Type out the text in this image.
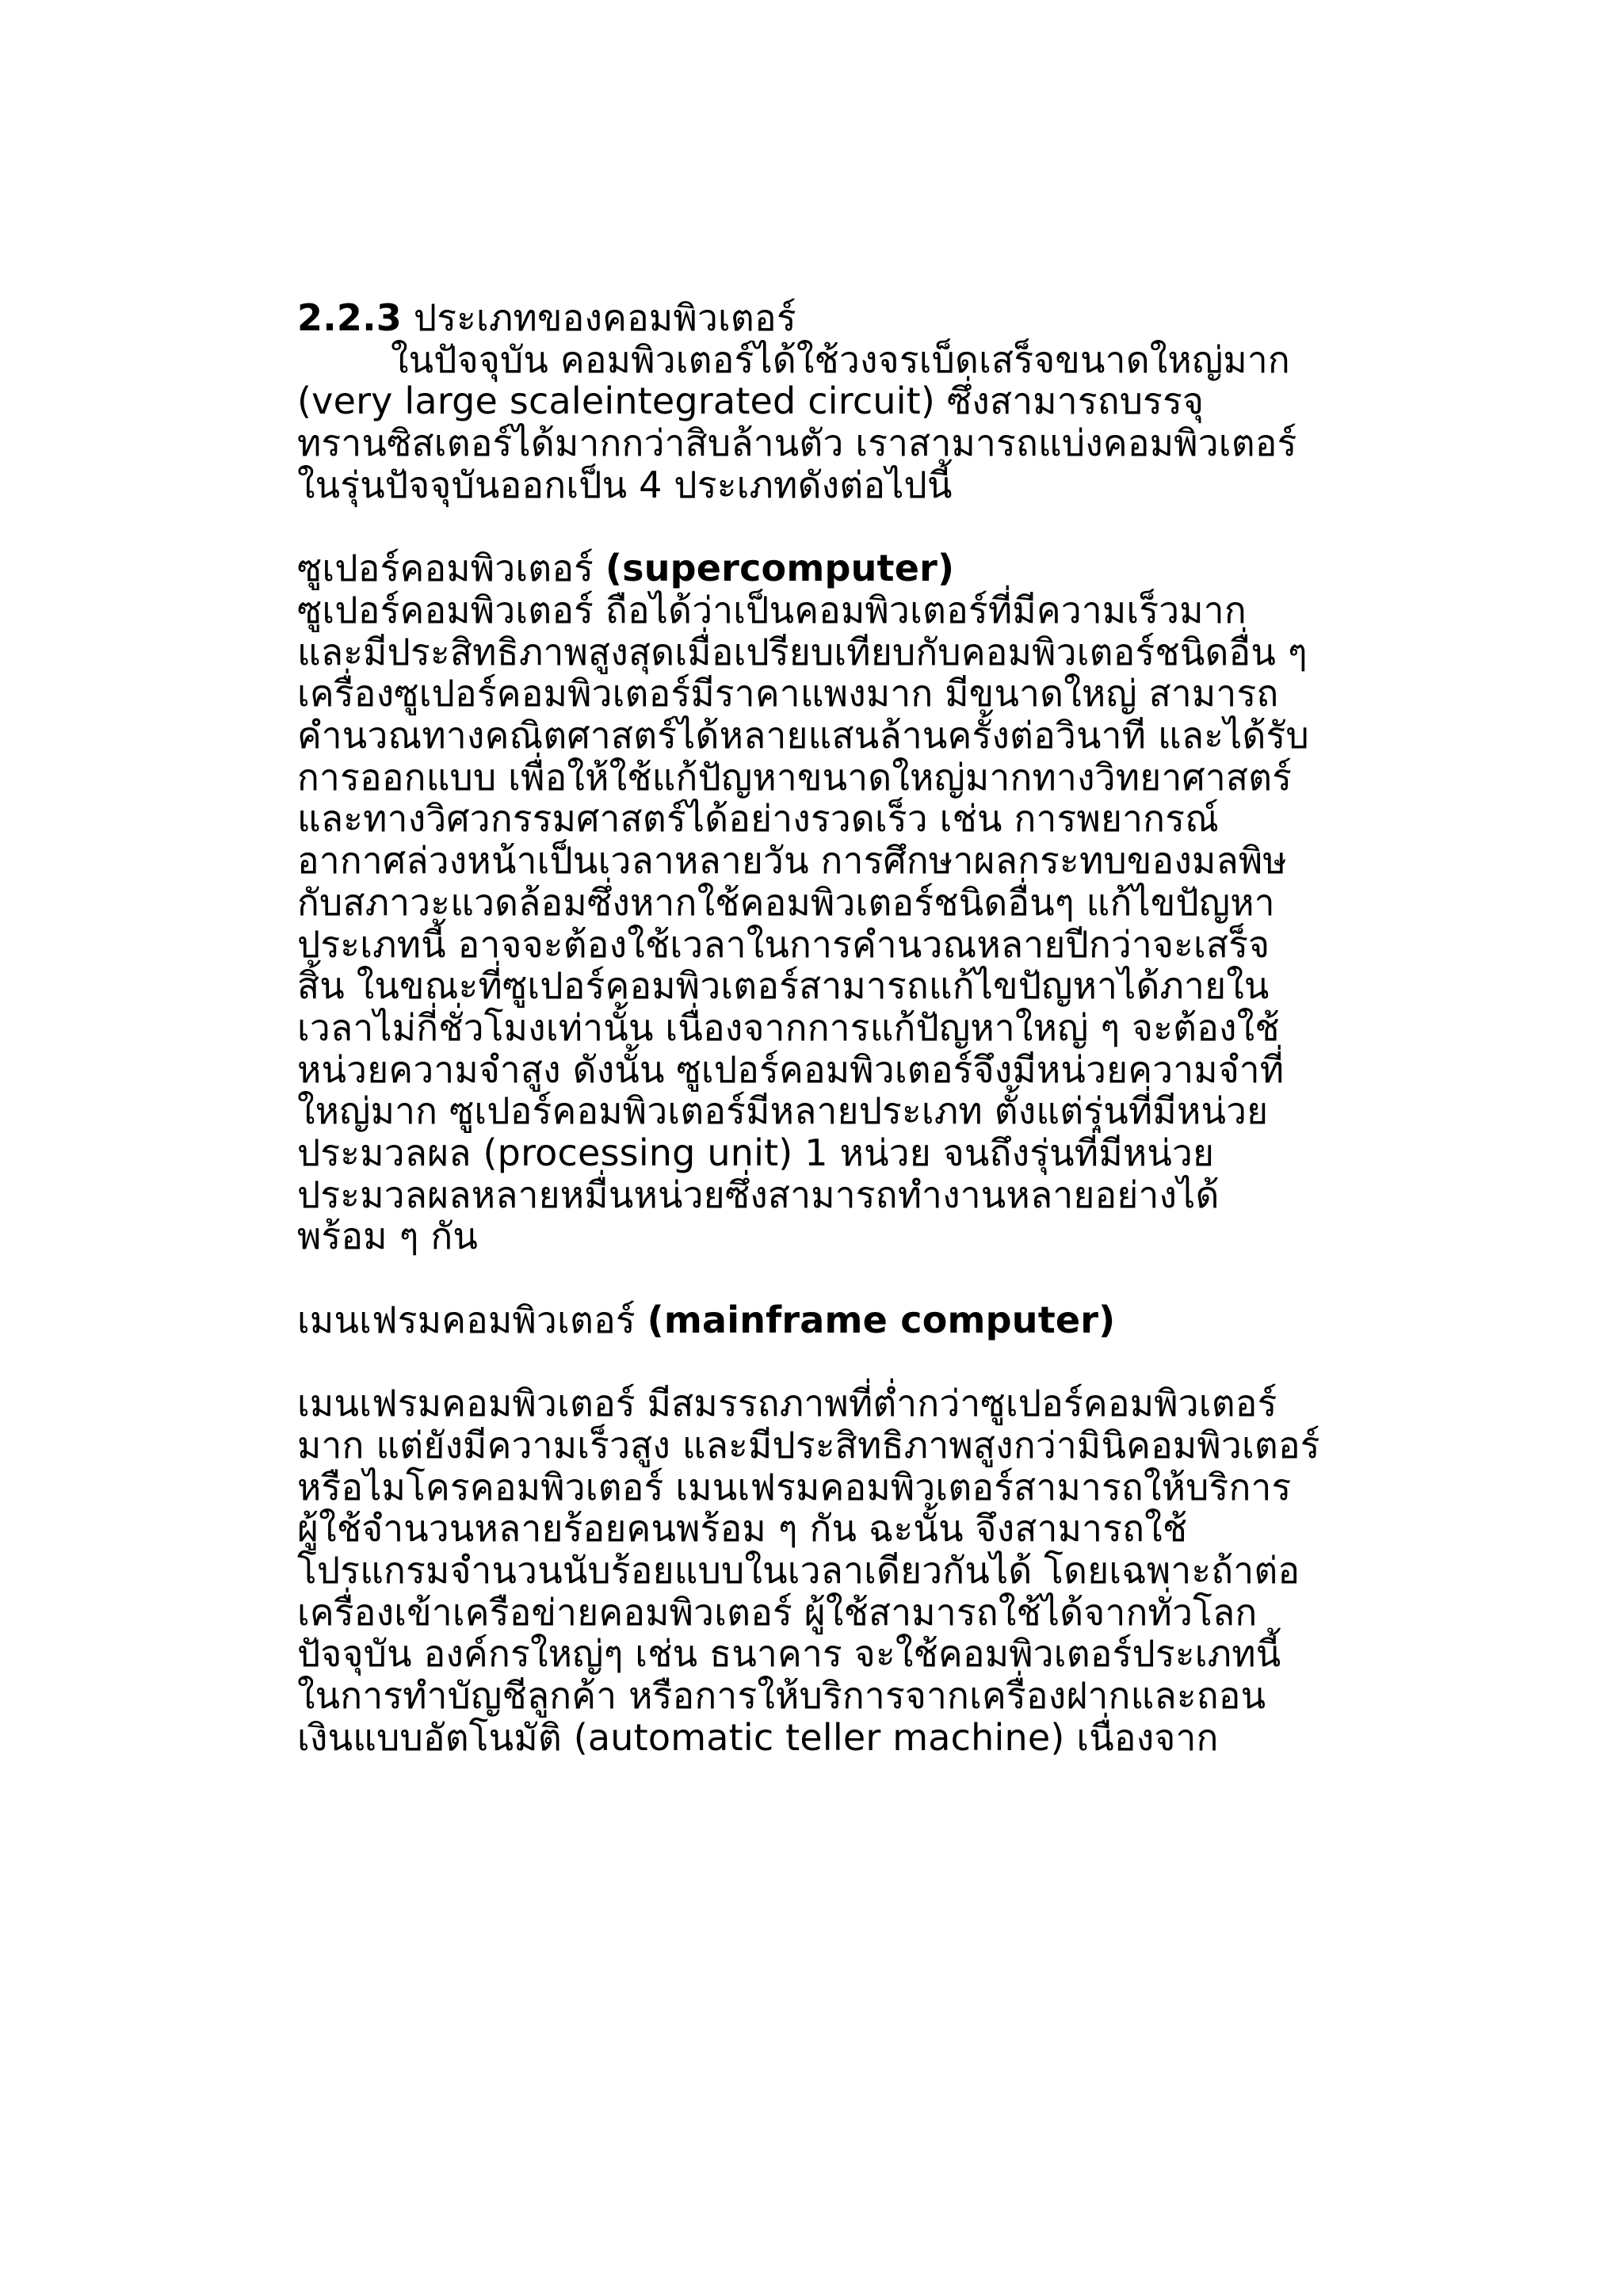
2.2.3 ประเภทของคอมพิวเตอร์
ในปัจจุบัน คอมพิวเตอร์ได้ใช้วงจรเบ็ดเสร็จขนาดใหญ่มาก
(very large scaleintegrated circuit) ซึ่งสามารถบรรจุ
ทรานซิสเตอร์ได้มากกว่าสิบล้านตัว เราสามารถแบ่งคอมพิวเตอร์
ในรุ่นปัจจุบันออกเป็น 4 ประเภทดังต่อไปนี้
ซูเปอร์คอมพิวเตอร์ (supercomputer)
ซูเปอร์คอมพิวเตอร์ ถือได้ว่าเป็นคอมพิวเตอร์ที่มีความเร็วมาก
และมีประสิทธิภาพสูงสุดเมื่อเปรียบเทียบกับคอมพิวเตอร์ชนิดอื่น ๆ
เครื่องซูเปอร์คอมพิวเตอร์มีราคาแพงมาก มีขนาดใหญ่ สามารถ
คำนวณทางคณิตศาสตร์ได้หลายแสนล้านครั้งต่อวินาที และได้รับ
การออกแบบ เพื่อให้ใช้แก้ปัญหาขนาดใหญ่มากทางวิทยาศาสตร์
และทางวิศวกรรมศาสตร์ได้อย่างรวดเร็ว เช่น การพยากรณ์
อากาศล่วงหน้าเป็นเวลาหลายวัน การศึกษาผลกระทบของมลพิษ
กับสภาวะแวดล้อมซึ่งหากใช้คอมพิวเตอร์ชนิดอื่นๆ แก้ไขปัญหา
ประเภทนี้ อาจจะต้องใช้เวลาในการคำนวณหลายปีกว่าจะเสร็จ
สิ้น ในขณะที่ซูเปอร์คอมพิวเตอร์สามารถแก้ไขปัญหาได้ภายใน
เวลาไม่กี่ชั่วโมงเท่านั้น เนื่องจากการแก้ปัญหาใหญ่ ๆ จะต้องใช้
หน่วยความจำสูง ดังนั้น ซูเปอร์คอมพิวเตอร์จึงมีหน่วยความจำที่
ใหญ่มาก ซูเปอร์คอมพิวเตอร์มีหลายประเภท ตั้งแต่รุ่นที่มีหน่วย
ประมวลผล (processing unit) 1 หน่วย จนถึงรุ่นที่มีหน่วย
ประมวลผลหลายหมื่นหน่วยซึ่งสามารถทำงานหลายอย่างได้
พร้อม ๆ กัน
เมนเฟรมคอมพิวเตอร์ (mainframe computer)
เมนเฟรมคอมพิวเตอร์ มีสมรรถภาพที่ต่ำกว่าซูเปอร์คอมพิวเตอร์
มาก แต่ยังมีความเร็วสูง และมีประสิทธิภาพสูงกว่ามินิคอมพิวเตอร์
หรือไมโครคอมพิวเตอร์ เมนเฟรมคอมพิวเตอร์สามารถให้บริการ
ผู้ใช้จำนวนหลายร้อยคนพร้อม ๆ กัน ฉะนั้น จึงสามารถใช้
โปรแกรมจำนวนนับร้อยแบบในเวลาเดียวกันได้ โดยเฉพาะถ้าต่อ
เครื่องเข้าเครือข่ายคอมพิวเตอร์ ผู้ใช้สามารถใช้ได้จากทั่วโลก
ปัจจุบัน องค์กรใหญ่ๆ เช่น ธนาคาร จะใช้คอมพิวเตอร์ประเภทนี้
ในการทำบัญชีลูกค้า หรือการให้บริการจากเครื่องฝากและถอน
เงินแบบอัตโนมัติ (automatic teller machine) เนื่องจาก
